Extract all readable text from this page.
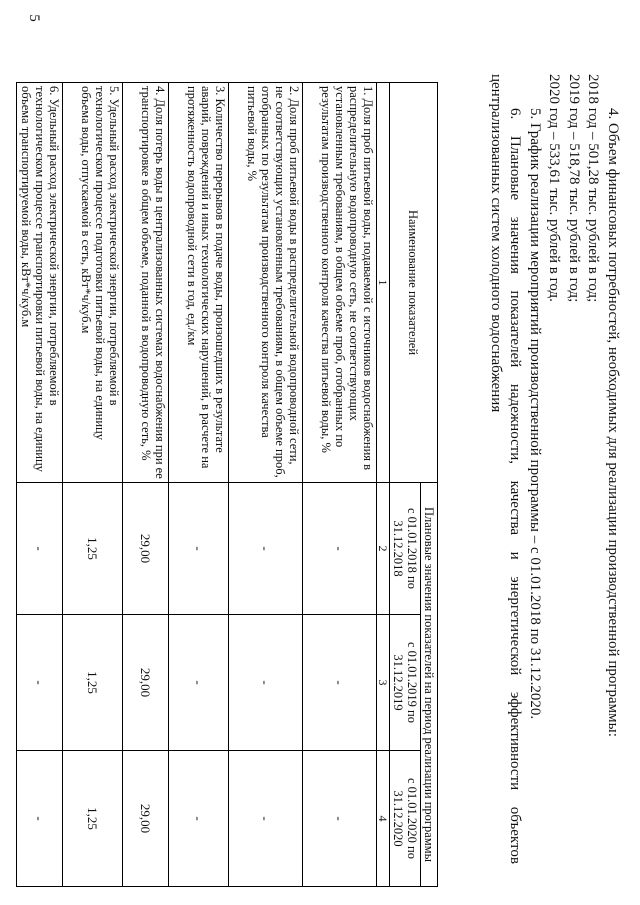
5

4. Объем финансовых потребностей, необходимых для реализации производственной программы:

2018 год – 501,28 тыс. рублей в год;

2019 год – 518,78 тыс. рублей в год;

2020 год – 533,61 тыс. рублей в год.

5. График реализации мероприятий производственной программы – с 01.01.2018 по 31.12.2020.

6.
Плановые
значения
показателей
надежности,
качества
и
энергетической
эффективности
объектов

централизованных систем холодного водоснабжения

Наименование показателей	Плановые значения показателей на период реализации программы		
	с 01.01.2018 по 31.12.2018	с 01.01.2019 по 31.12.2019	с 01.01.2020 по 31.12.2020
1	2	3	4
1. Доля проб питьевой воды, подаваемой с источников водоснабжения в распределительную водопроводную сеть, не соответствующих установленным требованиям, в общем объеме проб, отобранных по результатам производственного контроля качества питьевой воды, %	-	-	-
2. Доля проб питьевой воды в распределительной водопроводной сети, не соответствующих установленным требованиям, в общем объеме проб, отобранных по результатам производственного контроля качества питьевой воды, %	-	-	-
3. Количество перерывов в подаче воды, произошедших в результате аварий, повреждений и иных технологических нарушений, в расчете на протяженность водопроводной сети в год, ед./км	-	-	-
4. Доля потерь воды в централизованных системах водоснабжения при ее транспортировке в общем объеме, поданной в водопроводную сеть, %	29,00	29,00	29,00
5. Удельный расход электрической энергии, потребляемой в технологическом процессе подготовки питьевой воды, на единицу объема воды, отпускаемой в сеть, кВт*ч/куб.м	1,25	1,25	1,25
6. Удельный расход электрической энергии, потребляемой в технологическом процессе транспортировки питьевой воды, на единицу объема транспортируемой воды, кВт*ч/куб.м	-	-	-
